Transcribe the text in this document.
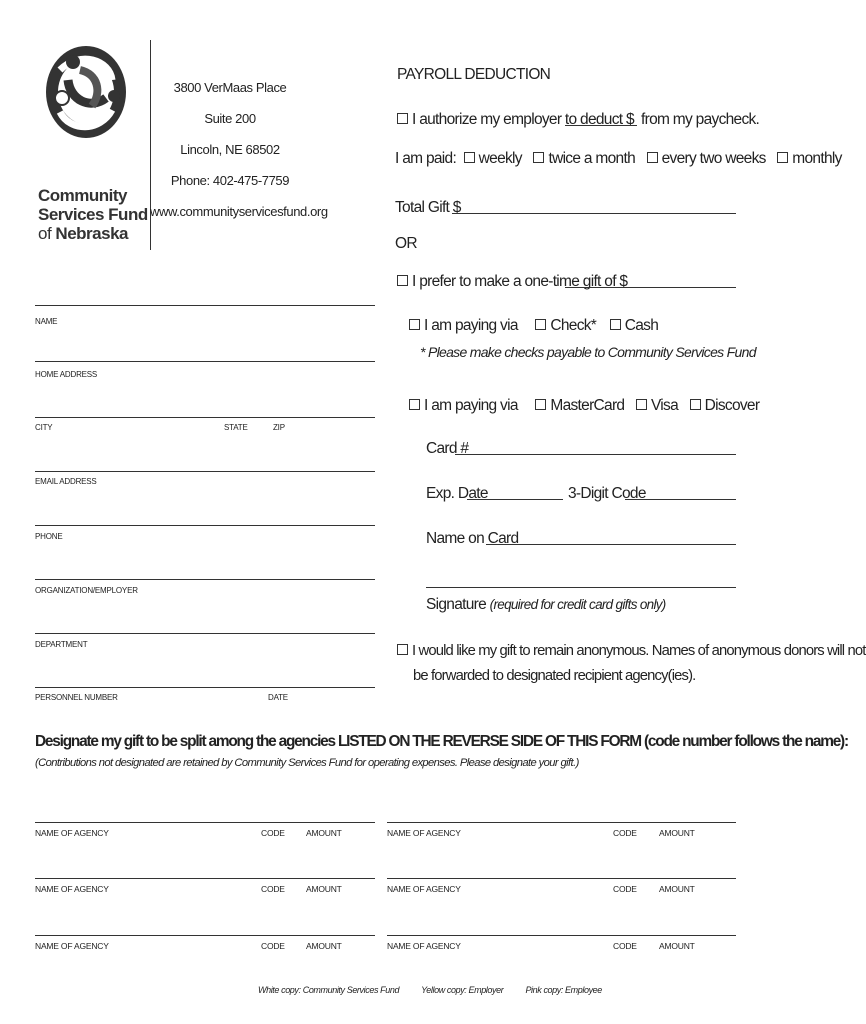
Community
Services Fund
of Nebraska
3800 VerMaas Place
Suite 200
Lincoln, NE 68502
Phone: 402-475-7759
www.communityservicesfund.org
NAME
HOME ADDRESS
CITY	STATE	ZIP
EMAIL ADDRESS
PHONE
ORGANIZATION/EMPLOYER
DEPARTMENT
PERSONNEL NUMBER	DATE
PAYROLL DEDUCTION
I authorize my employer to deduct $ from my paycheck.
I am paid: weekly twice a month every two weeks monthly
Total Gift $
OR
I prefer to make a one-time gift of $
I am paying via Check* Cash
* Please make checks payable to Community Services Fund
I am paying via MasterCard Visa Discover
Card #
Exp. Date	3-Digit Code
Name on Card
Signature (required for credit card gifts only)
I would like my gift to remain anonymous. Names of anonymous donors will not
be forwarded to designated recipient agency(ies).
Designate my gift to be split among the agencies LISTED ON THE REVERSE SIDE OF THIS FORM (code number follows the name):
(Contributions not designated are retained by Community Services Fund for operating expenses. Please designate your gift.)
NAME OF AGENCY	CODE AMOUNT
NAME OF AGENCY	CODE AMOUNT
NAME OF AGENCY	CODE AMOUNT
NAME OF AGENCY	CODE	AMOUNT
NAME OF AGENCY	CODE	AMOUNT
NAME OF AGENCY	CODE	AMOUNT
White copy: Community Services Fund Yellow copy: Employer Pink copy: Employee
